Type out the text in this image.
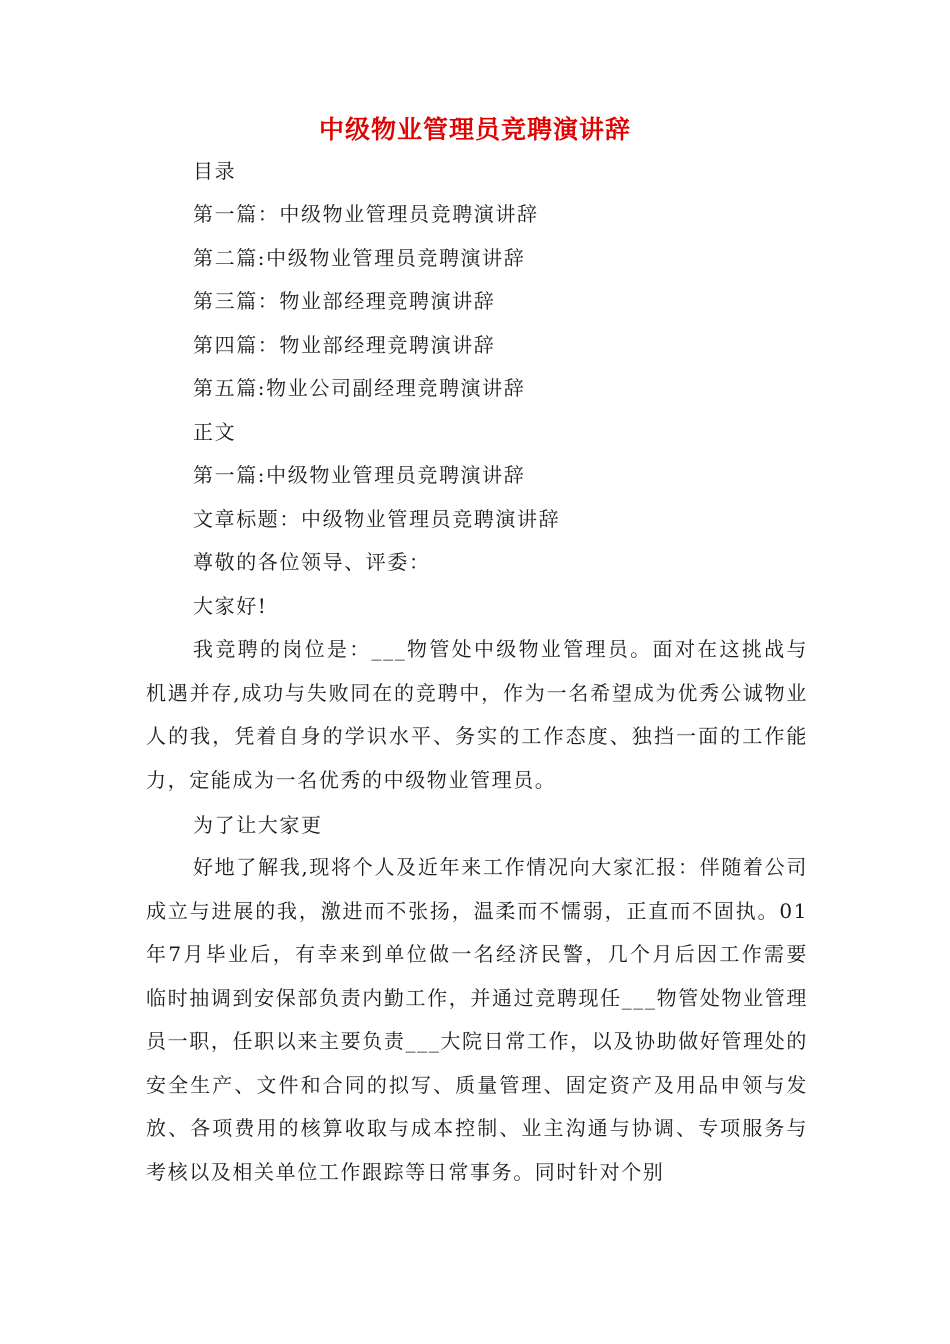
中级物业管理员竞聘演讲辞
目录
第一篇：中级物业管理员竞聘演讲辞
第二篇:中级物业管理员竞聘演讲辞
第三篇：物业部经理竞聘演讲辞
第四篇：物业部经理竞聘演讲辞
第五篇:物业公司副经理竞聘演讲辞
正文
第一篇:中级物业管理员竞聘演讲辞
文章标题：中级物业管理员竞聘演讲辞
尊敬的各位领导、评委：
大家好!
我竞聘的岗位是：___物管处中级物业管理员。面对在这挑战与机遇并存,成功与失败同在的竞聘中，作为一名希望成为优秀公诚物业人的我，凭着自身的学识水平、务实的工作态度、独挡一面的工作能力，定能成为一名优秀的中级物业管理员。
为了让大家更
好地了解我,现将个人及近年来工作情况向大家汇报：伴随着公司成立与进展的我，激进而不张扬，温柔而不懦弱，正直而不固执。01年7月毕业后，有幸来到单位做一名经济民警，几个月后因工作需要临时抽调到安保部负责内勤工作，并通过竞聘现任___物管处物业管理员一职，任职以来主要负责___大院日常工作，以及协助做好管理处的安全生产、文件和合同的拟写、质量管理、固定资产及用品申领与发放、各项费用的核算收取与成本控制、业主沟通与协调、专项服务与考核以及相关单位工作跟踪等日常事务。同时针对个别
